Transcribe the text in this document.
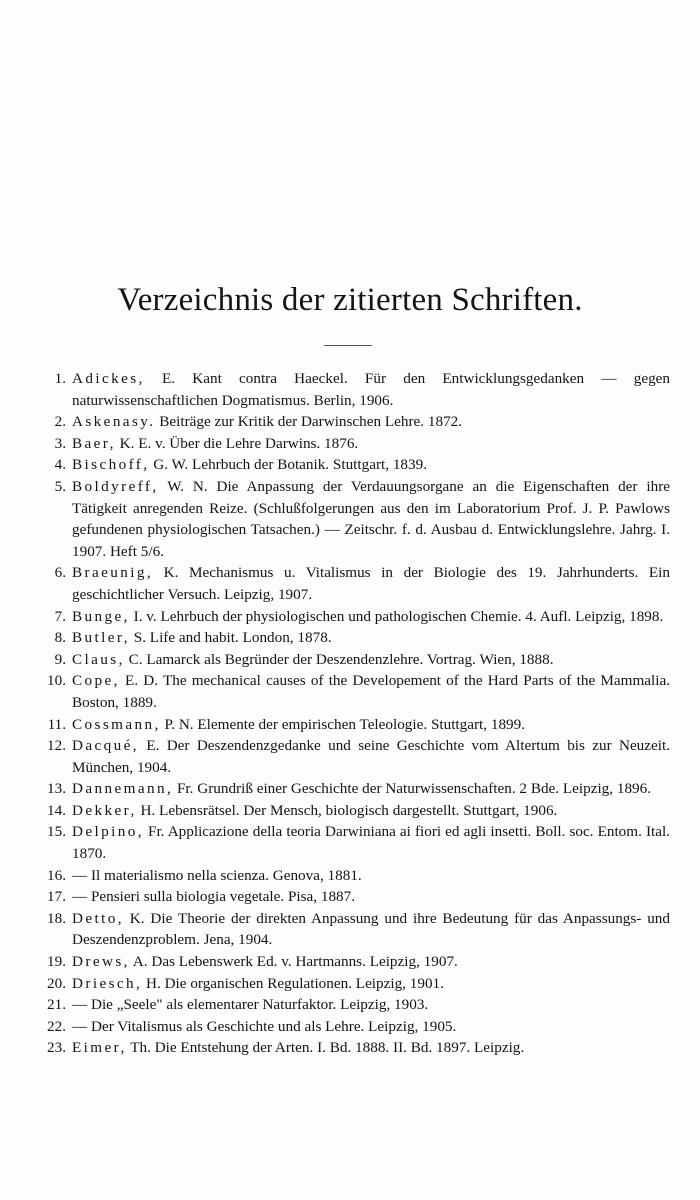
Verzeichnis der zitierten Schriften.
1. Adickes, E. Kant contra Haeckel. Für den Entwicklungsgedanken — gegen naturwissenschaftlichen Dogmatismus. Berlin, 1906.
2. Askenasy. Beiträge zur Kritik der Darwinschen Lehre. 1872.
3. Baer, K. E. v. Über die Lehre Darwins. 1876.
4. Bischoff, G. W. Lehrbuch der Botanik. Stuttgart, 1839.
5. Boldyreff, W. N. Die Anpassung der Verdauungsorgane an die Eigenschaften der ihre Tätigkeit anregenden Reize. (Schlußfolgerungen aus den im Laboratorium Prof. J. P. Pawlows gefundenen physiologischen Tatsachen.) — Zeitschr. f. d. Ausbau d. Entwicklungslehre. Jahrg. I. 1907. Heft 5/6.
6. Braeunig, K. Mechanismus u. Vitalismus in der Biologie des 19. Jahrhunderts. Ein geschichtlicher Versuch. Leipzig, 1907.
7. Bunge, I. v. Lehrbuch der physiologischen und pathologischen Chemie. 4. Aufl. Leipzig, 1898.
8. Butler, S. Life and habit. London, 1878.
9. Claus, C. Lamarck als Begründer der Deszendenzlehre. Vortrag. Wien, 1888.
10. Cope, E. D. The mechanical causes of the Developement of the Hard Parts of the Mammalia. Boston, 1889.
11. Cossmann, P. N. Elemente der empirischen Teleologie. Stuttgart, 1899.
12. Dacqué, E. Der Deszendenzgedanke und seine Geschichte vom Altertum bis zur Neuzeit. München, 1904.
13. Dannemann, Fr. Grundriß einer Geschichte der Naturwissenschaften. 2 Bde. Leipzig, 1896.
14. Dekker, H. Lebensrätsel. Der Mensch, biologisch dargestellt. Stuttgart, 1906.
15. Delpino, Fr. Applicazione della teoria Darwiniana ai fiori ed agli insetti. Boll. soc. Entom. Ital. 1870.
16. — Il materialismo nella scienza. Genova, 1881.
17. — Pensieri sulla biologia vegetale. Pisa, 1887.
18. Detto, K. Die Theorie der direkten Anpassung und ihre Bedeutung für das Anpassungs- und Deszendenzproblem. Jena, 1904.
19. Drews, A. Das Lebenswerk Ed. v. Hartmanns. Leipzig, 1907.
20. Driesch, H. Die organischen Regulationen. Leipzig, 1901.
21. — Die „Seele" als elementarer Naturfaktor. Leipzig, 1903.
22. — Der Vitalismus als Geschichte und als Lehre. Leipzig, 1905.
23. Eimer, Th. Die Entstehung der Arten. I. Bd. 1888. II. Bd. 1897. Leipzig.
